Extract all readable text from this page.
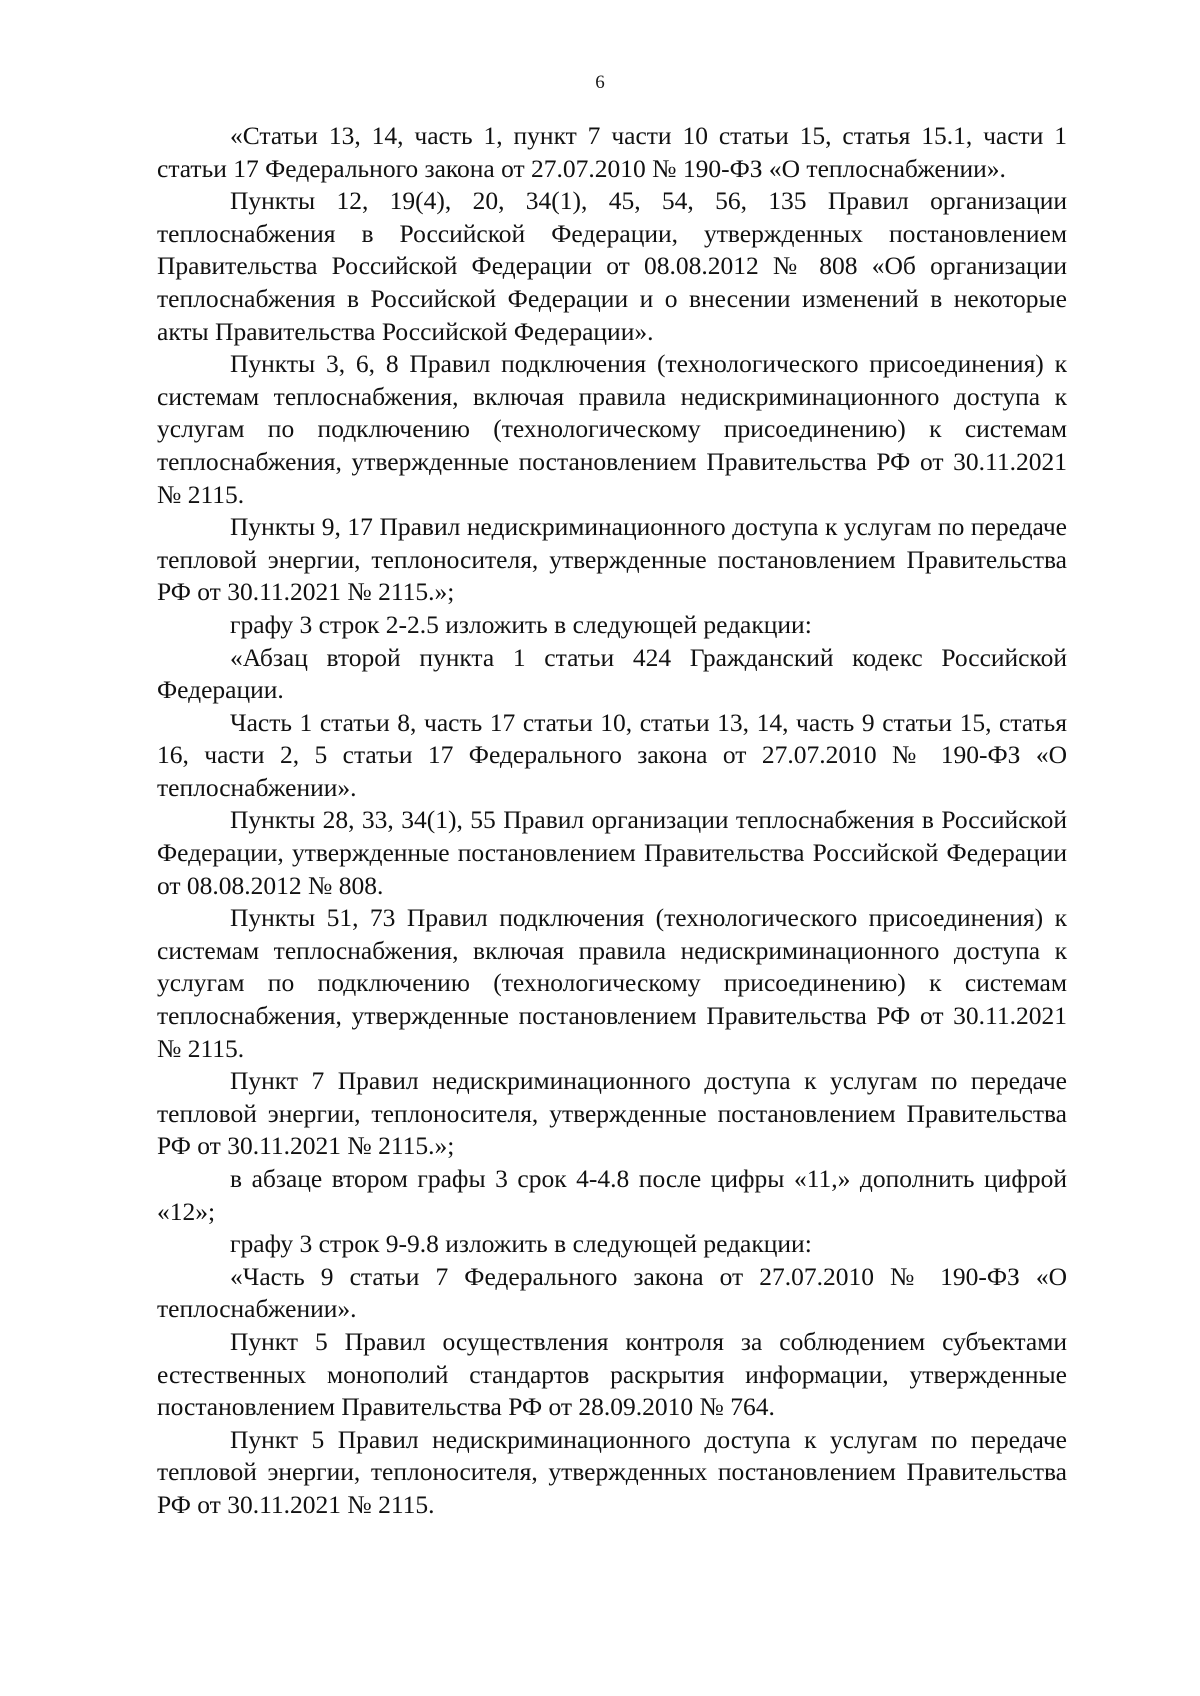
6

«Статьи 13, 14, часть 1, пункт 7 части 10 статьи 15, статья 15.1, части 1 статьи 17 Федерального закона от 27.07.2010 № 190-ФЗ «О теплоснабжении».

Пункты 12, 19(4), 20, 34(1), 45, 54, 56, 135 Правил организации теплоснабжения в Российской Федерации, утвержденных постановлением Правительства Российской Федерации от 08.08.2012 № 808 «Об организации теплоснабжения в Российской Федерации и о внесении изменений в некоторые акты Правительства Российской Федерации».

Пункты 3, 6, 8 Правил подключения (технологического присоединения) к системам теплоснабжения, включая правила недискриминационного доступа к услугам по подключению (технологическому присоединению) к системам теплоснабжения, утвержденные постановлением Правительства РФ от 30.11.2021 № 2115.

Пункты 9, 17 Правил недискриминационного доступа к услугам по передаче тепловой энергии, теплоносителя, утвержденные постановлением Правительства РФ от 30.11.2021 № 2115.»;

графу 3 строк 2-2.5 изложить в следующей редакции:

«Абзац второй пункта 1 статьи 424 Гражданский кодекс Российской Федерации.

Часть 1 статьи 8, часть 17 статьи 10, статьи 13, 14, часть 9 статьи 15, статья 16, части 2, 5 статьи 17 Федерального закона от 27.07.2010 № 190-ФЗ «О теплоснабжении».

Пункты 28, 33, 34(1), 55 Правил организации теплоснабжения в Российской Федерации, утвержденные постановлением Правительства Российской Федерации от 08.08.2012 № 808.

Пункты 51, 73 Правил подключения (технологического присоединения) к системам теплоснабжения, включая правила недискриминационного доступа к услугам по подключению (технологическому присоединению) к системам теплоснабжения, утвержденные постановлением Правительства РФ от 30.11.2021 № 2115.

Пункт 7 Правил недискриминационного доступа к услугам по передаче тепловой энергии, теплоносителя, утвержденные постановлением Правительства РФ от 30.11.2021 № 2115.»;

в абзаце втором графы 3 срок 4-4.8 после цифры «11,» дополнить цифрой «12»;

графу 3 строк 9-9.8 изложить в следующей редакции:

«Часть 9 статьи 7 Федерального закона от 27.07.2010 № 190-ФЗ «О теплоснабжении».

Пункт 5 Правил осуществления контроля за соблюдением субъектами естественных монополий стандартов раскрытия информации, утвержденные постановлением Правительства РФ от 28.09.2010 № 764.

Пункт 5 Правил недискриминационного доступа к услугам по передаче тепловой энергии, теплоносителя, утвержденных постановлением Правительства РФ от 30.11.2021 № 2115.
